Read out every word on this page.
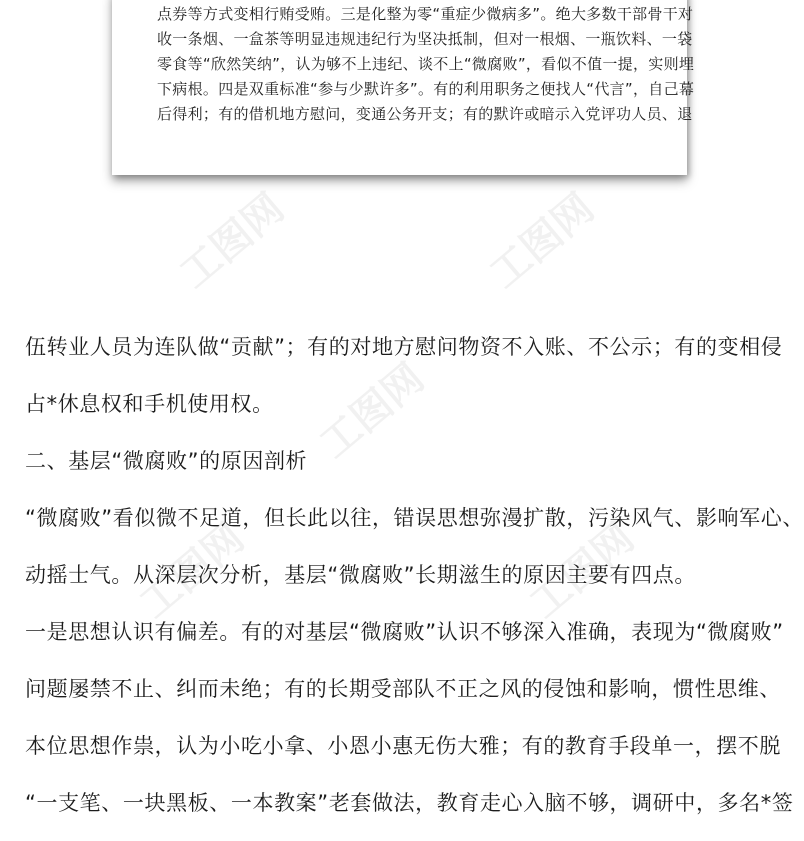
工图网	工图网
工图网
工图网	工图网
点券等方式变相行贿受贿。三是化整为零“重症少微病多”。绝大多数干部骨干对
收一条烟、一盒茶等明显违规违纪行为坚决抵制，但对一根烟、一瓶饮料、一袋
零食等“欣然笑纳”，认为够不上违纪、谈不上“微腐败”，看似不值一提，实则埋
下病根。四是双重标准“参与少默许多”。有的利用职务之便找人“代言”，自己幕
后得利；有的借机地方慰问，变通公务开支；有的默许或暗示入党评功人员、退
伍转业人员为连队做“贡献”；有的对地方慰问物资不入账、不公示；有的变相侵
占*休息权和手机使用权。
二、基层“微腐败”的原因剖析
“微腐败”看似微不足道，但长此以往，错误思想弥漫扩散，污染风气、影响军心、
动摇士气。从深层次分析，基层“微腐败”长期滋生的原因主要有四点。
一是思想认识有偏差。有的对基层“微腐败”认识不够深入准确，表现为“微腐败”
问题屡禁不止、纠而未绝；有的长期受部队不正之风的侵蚀和影响，惯性思维、
本位思想作祟，认为小吃小拿、小恩小惠无伤大雅；有的教育手段单一，摆不脱
“一支笔、一块黑板、一本教案”老套做法，教育走心入脑不够，调研中，多名*签
